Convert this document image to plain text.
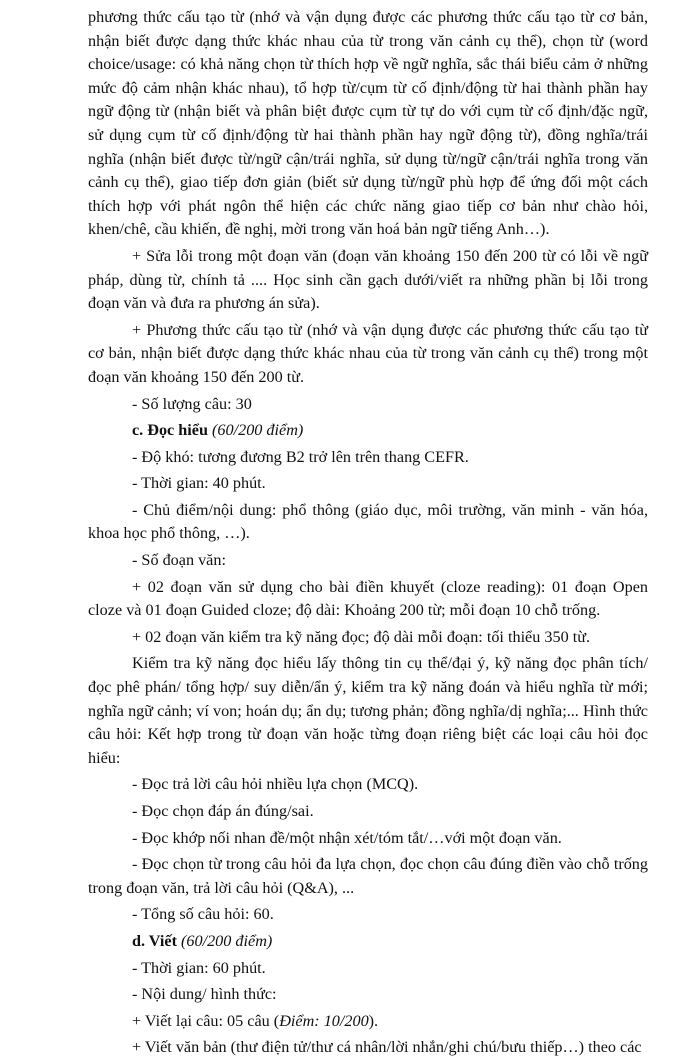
phương thức cấu tạo từ (nhớ và vận dụng được các phương thức cấu tạo từ cơ bản, nhận biết được dạng thức khác nhau của từ trong văn cảnh cụ thể), chọn từ (word choice/usage: có khả năng chọn từ thích hợp về ngữ nghĩa, sắc thái biểu cảm ở những mức độ cảm nhận khác nhau), tổ hợp từ/cụm từ cố định/động từ hai thành phần hay ngữ động từ (nhận biết và phân biệt được cụm từ tự do với cụm từ cố định/đặc ngữ, sử dụng cụm từ cố định/động từ hai thành phần hay ngữ động từ), đồng nghĩa/trái nghĩa (nhận biết được từ/ngữ cận/trái nghĩa, sử dụng từ/ngữ cận/trái nghĩa trong văn cảnh cụ thể), giao tiếp đơn giản (biết sử dụng từ/ngữ phù hợp để ứng đối một cách thích hợp với phát ngôn thể hiện các chức năng giao tiếp cơ bản như chào hỏi, khen/chê, cầu khiến, đề nghị, mời trong văn hoá bản ngữ tiếng Anh…).

+ Sửa lỗi trong một đoạn văn (đoạn văn khoảng 150 đến 200 từ có lỗi về ngữ pháp, dùng từ, chính tả .... Học sinh cần gạch dưới/viết ra những phần bị lỗi trong đoạn văn và đưa ra phương án sửa).

+ Phương thức cấu tạo từ (nhớ và vận dụng được các phương thức cấu tạo từ cơ bản, nhận biết được dạng thức khác nhau của từ trong văn cảnh cụ thể) trong một đoạn văn khoảng 150 đến 200 từ.

- Số lượng câu: 30

c. Đọc hiểu (60/200 điểm)

- Độ khó: tương đương B2 trở lên trên thang CEFR.

- Thời gian: 40 phút.

- Chủ điểm/nội dung: phổ thông (giáo dục, môi trường, văn minh - văn hóa, khoa học phổ thông, …).

- Số đoạn văn:

+ 02 đoạn văn sử dụng cho bài điền khuyết (cloze reading): 01 đoạn Open cloze và 01 đoạn Guided cloze; độ dài: Khoảng 200 từ; mỗi đoạn 10 chỗ trống.

+ 02 đoạn văn kiểm tra kỹ năng đọc; độ dài mỗi đoạn: tối thiểu 350 từ.

Kiểm tra kỹ năng đọc hiểu lấy thông tin cụ thể/đại ý, kỹ năng đọc phân tích/đọc phê phán/ tổng hợp/ suy diễn/ẩn ý, kiểm tra kỹ năng đoán và hiểu nghĩa từ mới; nghĩa ngữ cảnh; ví von; hoán dụ; ẩn dụ; tương phản; đồng nghĩa/dị nghĩa;... Hình thức câu hỏi: Kết hợp trong từ đoạn văn hoặc từng đoạn riêng biệt các loại câu hỏi đọc hiểu:

- Đọc trả lời câu hỏi nhiều lựa chọn (MCQ).

- Đọc chọn đáp án đúng/sai.

- Đọc khớp nối nhan đề/một nhận xét/tóm tắt/…với một đoạn văn.

- Đọc chọn từ trong câu hỏi đa lựa chọn, đọc chọn câu đúng điền vào chỗ trống trong đoạn văn, trả lời câu hỏi (Q&A), ...

- Tổng số câu hỏi: 60.

d. Viết (60/200 điểm)

- Thời gian: 60 phút.

- Nội dung/ hình thức:

+ Viết lại câu: 05 câu (Điểm: 10/200).

+ Viết văn bản (thư điện tử/thư cá nhân/lời nhắn/ghi chú/bưu thiếp…) theo các
